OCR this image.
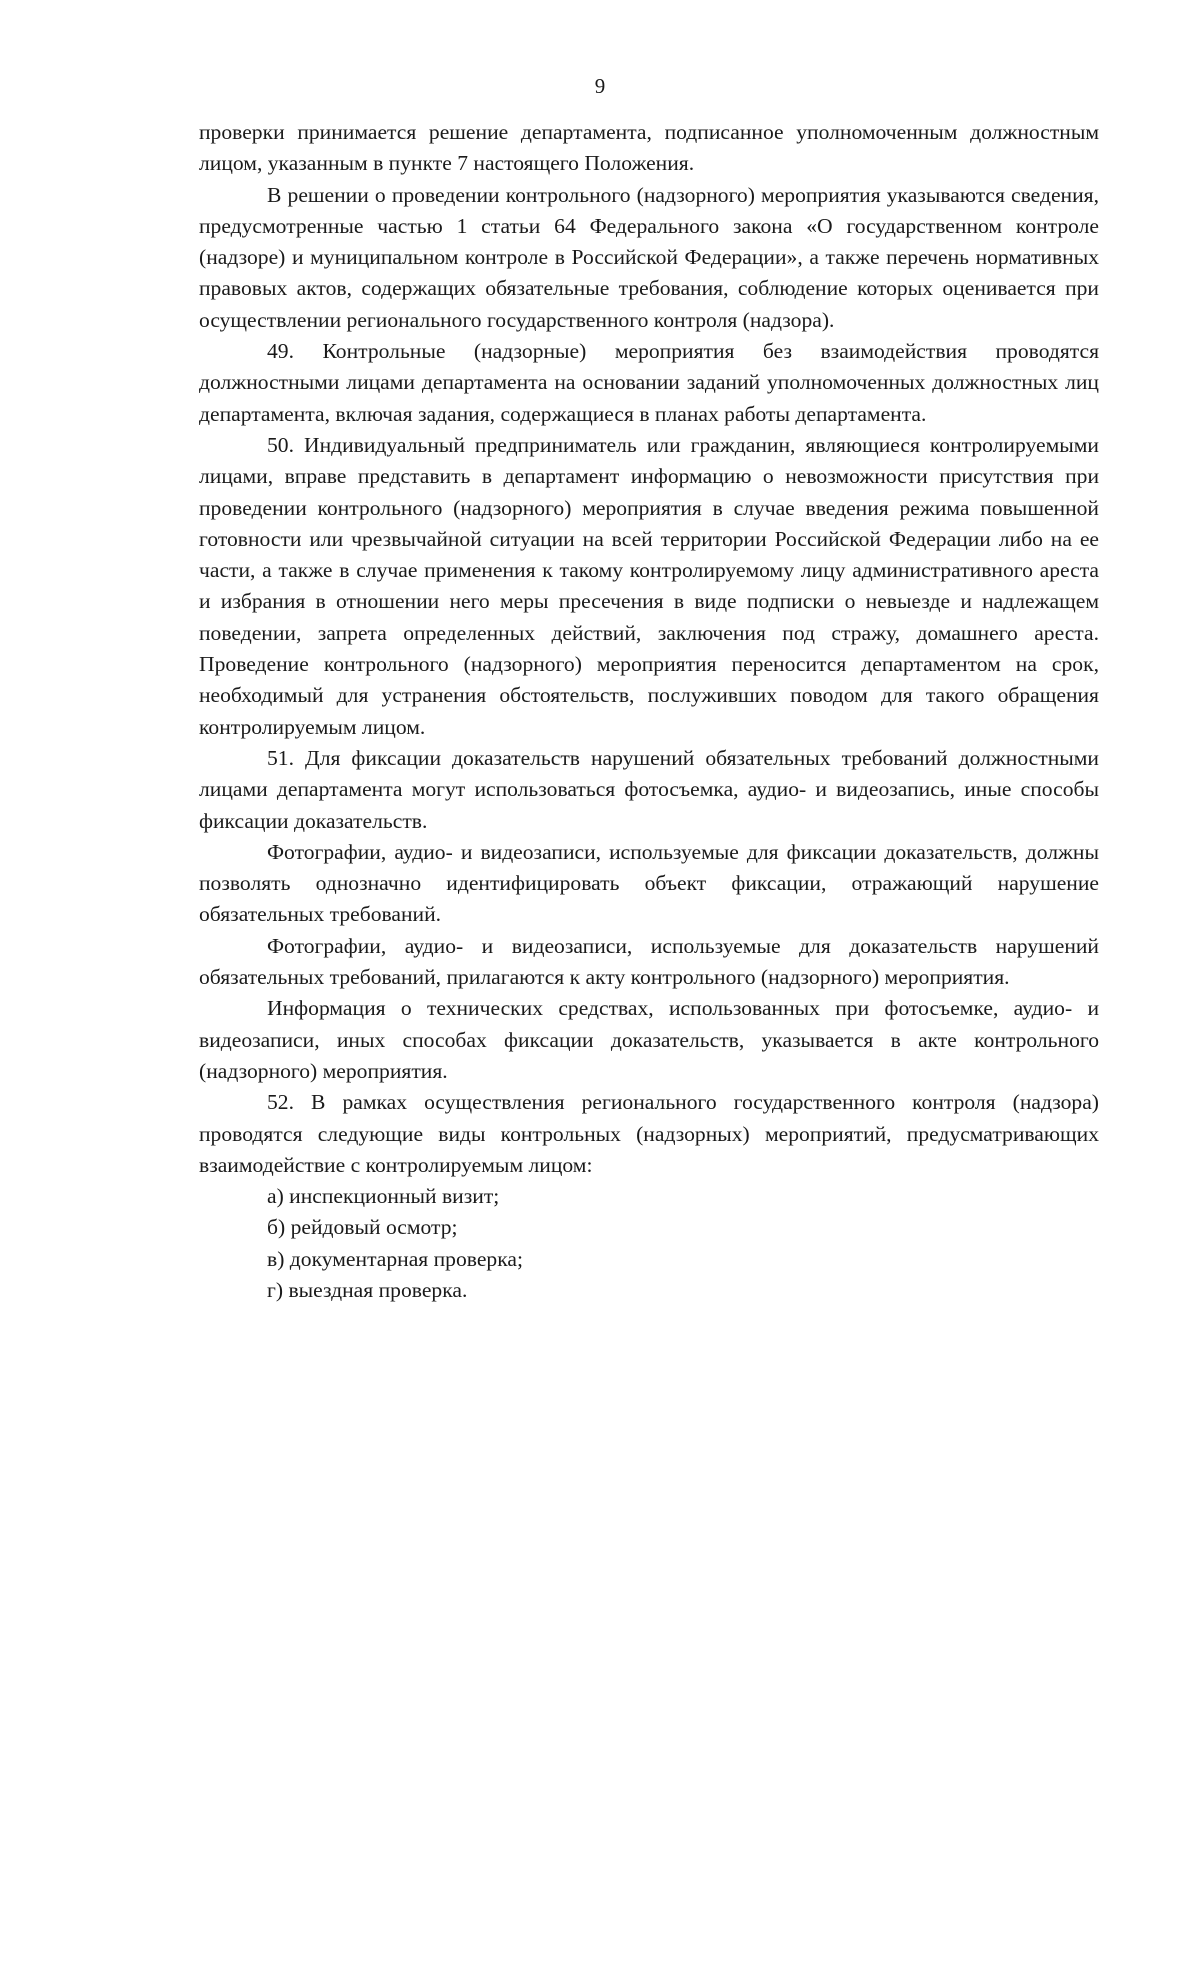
9

проверки принимается решение департамента, подписанное уполномоченным должностным лицом, указанным в пункте 7 настоящего Положения.

В решении о проведении контрольного (надзорного) мероприятия указываются сведения, предусмотренные частью 1 статьи 64 Федерального закона «О государственном контроле (надзоре) и муниципальном контроле в Российской Федерации», а также перечень нормативных правовых актов, содержащих обязательные требования, соблюдение которых оценивается при осуществлении регионального государственного контроля (надзора).

49. Контрольные (надзорные) мероприятия без взаимодействия проводятся должностными лицами департамента на основании заданий уполномоченных должностных лиц департамента, включая задания, содержащиеся в планах работы департамента.

50. Индивидуальный предприниматель или гражданин, являющиеся контролируемыми лицами, вправе представить в департамент информацию о невозможности присутствия при проведении контрольного (надзорного) мероприятия в случае введения режима повышенной готовности или чрезвычайной ситуации на всей территории Российской Федерации либо на ее части, а также в случае применения к такому контролируемому лицу административного ареста и избрания в отношении него меры пресечения в виде подписки о невыезде и надлежащем поведении, запрета определенных действий, заключения под стражу, домашнего ареста. Проведение контрольного (надзорного) мероприятия переносится департаментом на срок, необходимый для устранения обстоятельств, послуживших поводом для такого обращения контролируемым лицом.

51. Для фиксации доказательств нарушений обязательных требований должностными лицами департамента могут использоваться фотосъемка, аудио- и видеозапись, иные способы фиксации доказательств.

Фотографии, аудио- и видеозаписи, используемые для фиксации доказательств, должны позволять однозначно идентифицировать объект фиксации, отражающий нарушение обязательных требований.

Фотографии, аудио- и видеозаписи, используемые для доказательств нарушений обязательных требований, прилагаются к акту контрольного (надзорного) мероприятия.

Информация о технических средствах, использованных при фотосъемке, аудио- и видеозаписи, иных способах фиксации доказательств, указывается в акте контрольного (надзорного) мероприятия.

52. В рамках осуществления регионального государственного контроля (надзора) проводятся следующие виды контрольных (надзорных) мероприятий, предусматривающих взаимодействие с контролируемым лицом:

а) инспекционный визит;

б) рейдовый осмотр;

в) документарная проверка;

г) выездная проверка.
